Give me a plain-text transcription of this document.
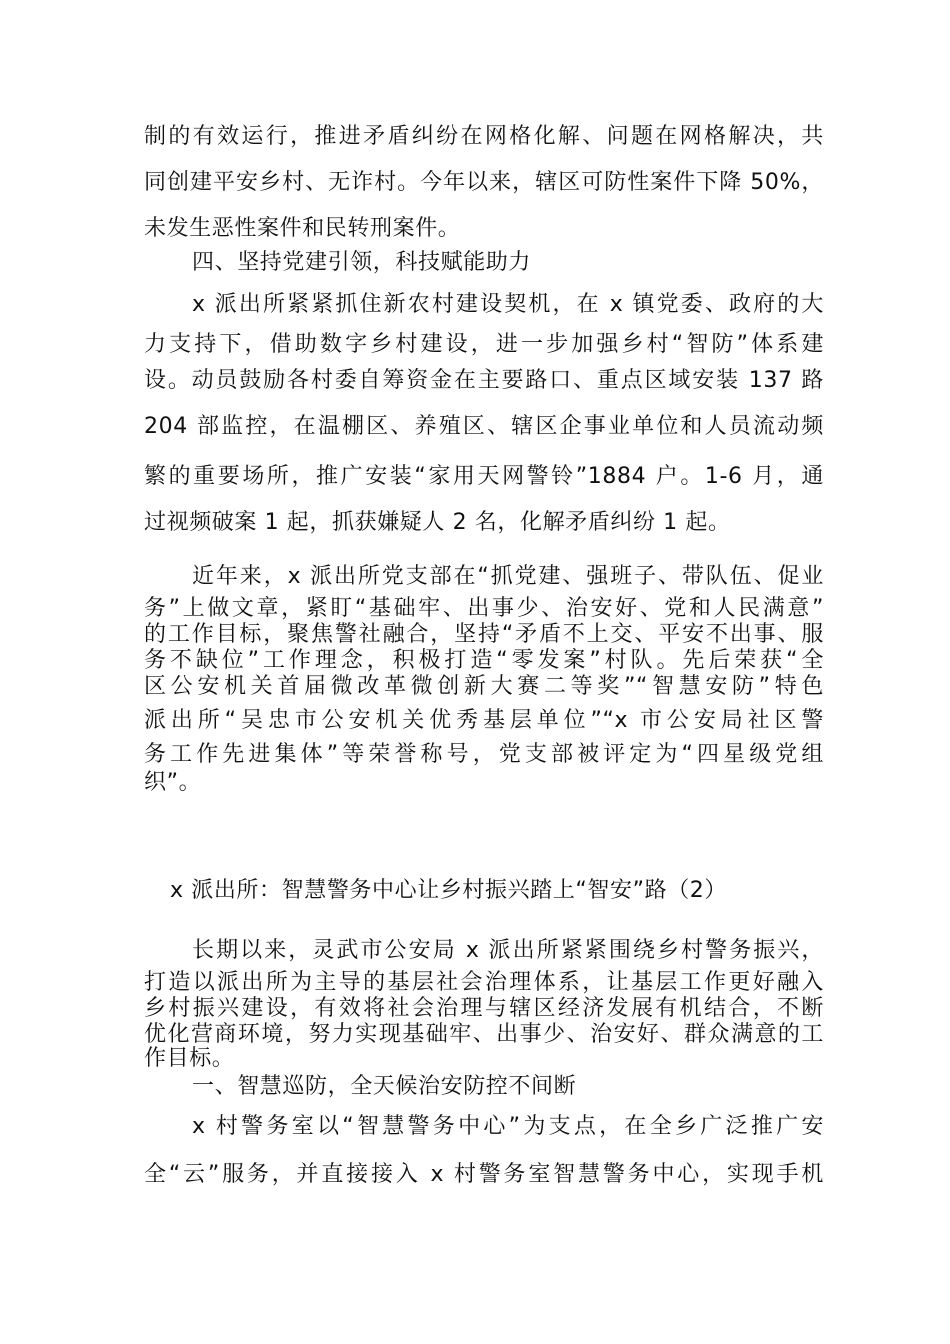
制的有效运行，推进矛盾纠纷在网格化解、问题在网格解决，共
同创建平安乡村、无诈村。今年以来，辖区可防性案件下降 50%，
未发生恶性案件和民转刑案件。
四、坚持党建引领，科技赋能助力
x 派出所紧紧抓住新农村建设契机，在 x 镇党委、政府的大
力支持下，借助数字乡村建设，进一步加强乡村“智防”体系建
设。动员鼓励各村委自筹资金在主要路口、重点区域安装 137 路
204 部监控，在温棚区、养殖区、辖区企事业单位和人员流动频
繁的重要场所，推广安装“家用天网警铃”1884 户。1-6 月，通
过视频破案 1 起，抓获嫌疑人 2 名，化解矛盾纠纷 1 起。
近年来，x 派出所党支部在“抓党建、强班子、带队伍、促业
务”上做文章，紧盯“基础牢、出事少、治安好、党和人民满意”
的工作目标，聚焦警社融合，坚持“矛盾不上交、平安不出事、服
务不缺位”工作理念，积极打造“零发案”村队。先后荣获“全
区公安机关首届微改革微创新大赛二等奖”“智慧安防”特色
派出所“吴忠市公安机关优秀基层单位”“x 市公安局社区警
务工作先进集体”等荣誉称号，党支部被评定为“四星级党组
织”。
x 派出所：智慧警务中心让乡村振兴踏上“智安”路（2）
长期以来，灵武市公安局 x 派出所紧紧围绕乡村警务振兴，
打造以派出所为主导的基层社会治理体系，让基层工作更好融入
乡村振兴建设，有效将社会治理与辖区经济发展有机结合，不断
优化营商环境，努力实现基础牢、出事少、治安好、群众满意的工
作目标。
一、智慧巡防，全天候治安防控不间断
x 村警务室以“智慧警务中心”为支点，在全乡广泛推广安
全“云”服务，并直接接入 x 村警务室智慧警务中心，实现手机
